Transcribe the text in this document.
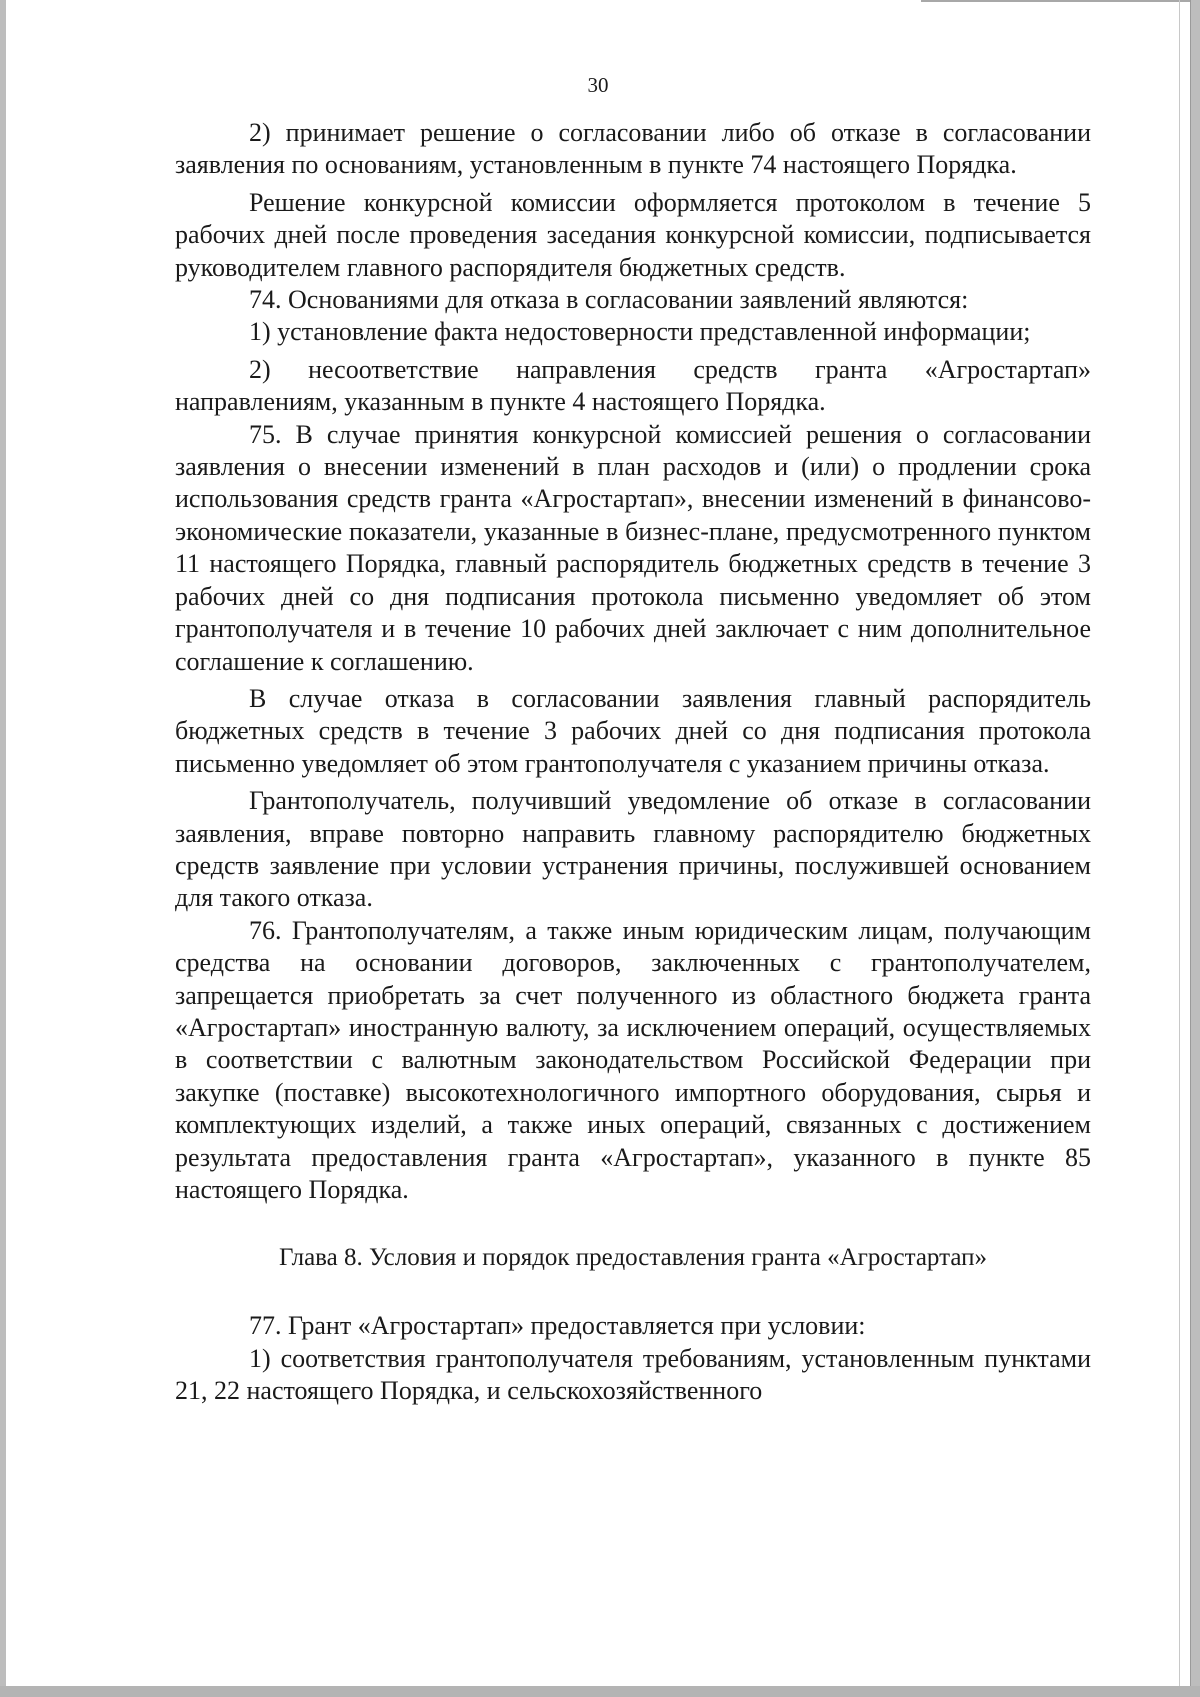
30

2) принимает решение о согласовании либо об отказе в согласовании заявления по основаниям, установленным в пункте 74 настоящего Порядка.

Решение конкурсной комиссии оформляется протоколом в течение 5 рабочих дней после проведения заседания конкурсной комиссии, подписывается руководителем главного распорядителя бюджетных средств.

74. Основаниями для отказа в согласовании заявлений являются:

1) установление факта недостоверности представленной информации;

2) несоответствие направления средств гранта «Агростартап» направлениям, указанным в пункте 4 настоящего Порядка.

75. В случае принятия конкурсной комиссией решения о согласовании заявления о внесении изменений в план расходов и (или) о продлении срока использования средств гранта «Агростартап», внесении изменений в финансово-экономические показатели, указанные в бизнес-плане, предусмотренного пунктом 11 настоящего Порядка, главный распорядитель бюджетных средств в течение 3 рабочих дней со дня подписания протокола письменно уведомляет об этом грантополучателя и в течение 10 рабочих дней заключает с ним дополнительное соглашение к соглашению.

В случае отказа в согласовании заявления главный распорядитель бюджетных средств в течение 3 рабочих дней со дня подписания протокола письменно уведомляет об этом грантополучателя с указанием причины отказа.

Грантополучатель, получивший уведомление об отказе в согласовании заявления, вправе повторно направить главному распорядителю бюджетных средств заявление при условии устранения причины, послужившей основанием для такого отказа.

76. Грантополучателям, а также иным юридическим лицам, получающим средства на основании договоров, заключенных с грантополучателем, запрещается приобретать за счет полученного из областного бюджета гранта «Агростартап» иностранную валюту, за исключением операций, осуществляемых в соответствии с валютным законодательством Российской Федерации при закупке (поставке) высокотехнологичного импортного оборудования, сырья и комплектующих изделий, а также иных операций, связанных с достижением результата предоставления гранта «Агростартап», указанного в пункте 85 настоящего Порядка.

Глава 8. Условия и порядок предоставления гранта «Агростартап»

77. Грант «Агростартап» предоставляется при условии:

1) соответствия грантополучателя требованиям, установленным пунктами 21, 22 настоящего Порядка, и сельскохозяйственного
